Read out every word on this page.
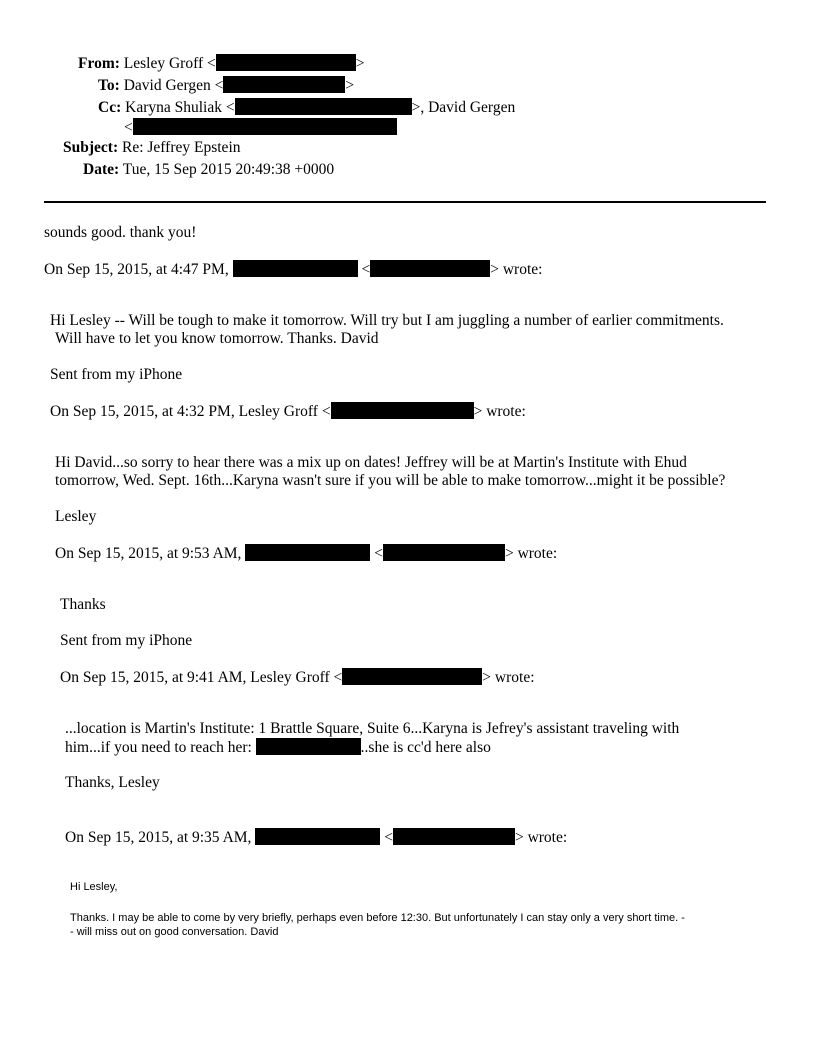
From: Lesley Groff <	>
To: David Gergen <	>
Cc: Karyna Shuliak <	>, David Gergen
<
Subject: Re: Jeffrey Epstein
Date: Tue, 15 Sep 2015 20:49:38 +0000
sounds good. thank you!
On Sep 15, 2015, at 4:47 PM,	<	> wrote:
Hi Lesley -- Will be tough to make it tomorrow. Will try but I am juggling a number of earlier commitments.
Will have to let you know tomorrow. Thanks. David
Sent from my iPhone
On Sep 15, 2015, at 4:32 PM, Lesley Groff <	> wrote:
Hi David...so sorry to hear there was a mix up on dates! Jeffrey will be at Martin's Institute with Ehud
tomorrow, Wed. Sept. 16th...Karyna wasn't sure if you will be able to make tomorrow...might it be possible?
Lesley
On Sep 15, 2015, at 9:53 AM,	<	> wrote:
Thanks
Sent from my iPhone
On Sep 15, 2015, at 9:41 AM, Lesley Groff <	> wrote:
...location is Martin's Institute: 1 Brattle Square, Suite 6...Karyna is Jefrey's assistant traveling with
him...if you need to reach her:	..she is cc'd here also
Thanks, Lesley
On Sep 15, 2015, at 9:35 AM,	<	> wrote:
Hi Lesley,
Thanks. I may be able to come by very briefly, perhaps even before 12:30. But unfortunately I can stay only a very short time. -
- will miss out on good conversation. David
